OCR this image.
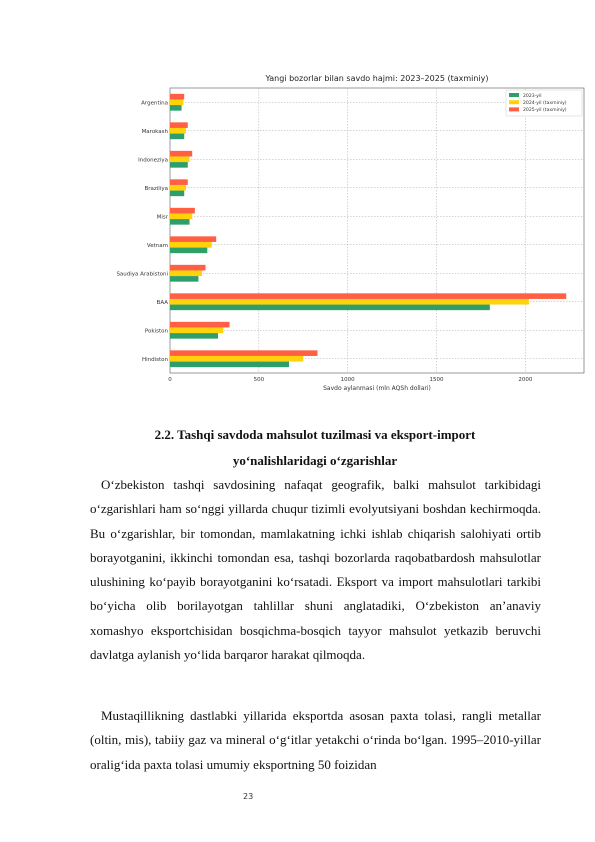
Yangi bozorlar bilan savdo hajmi: 2023–2025 (taxminiy)
Hindiston
Pokiston
BAA
Saudiya Arabistoni
Vetnam
Misr
Braziliya
Indoneziya
Marokash
Argentina
0	500	1000	1500	2000
Savdo aylanmasi (mln AQSh dollari)
2023-yil
2024-yil (taxminiy)
2025-yil (taxminiy)
2.2. Tashqi savdoda mahsulot tuzilmasi va eksport-import
yo‘nalishlaridagi o‘zgarishlar

O‘zbekiston tashqi savdosining nafaqat geografik, balki mahsulot tarkibidagi o‘zgarishlari ham so‘nggi yillarda chuqur tizimli evolyutsiyani boshdan kechirmoqda. Bu o‘zgarishlar, bir tomondan, mamlakatning ichki ishlab chiqarish salohiyati ortib borayotganini, ikkinchi tomondan esa, tashqi bozorlarda raqobatbardosh mahsulotlar ulushining ko‘payib borayotganini ko‘rsatadi. Eksport va import mahsulotlari tarkibi bo‘yicha olib borilayotgan tahlillar shuni anglatadiki, O‘zbekiston an’anaviy xomashyo eksportchisidan bosqichma-bosqich tayyor mahsulot yetkazib beruvchi davlatga aylanish yo‘lida barqaror harakat qilmoqda.

Mustaqillikning dastlabki yillarida eksportda asosan paxta tolasi, rangli metallar (oltin, mis), tabiiy gaz va mineral o‘g‘itlar yetakchi o‘rinda bo‘lgan. 1995–2010-yillar oralig‘ida paxta tolasi umumiy eksportning 50 foizidan

23
